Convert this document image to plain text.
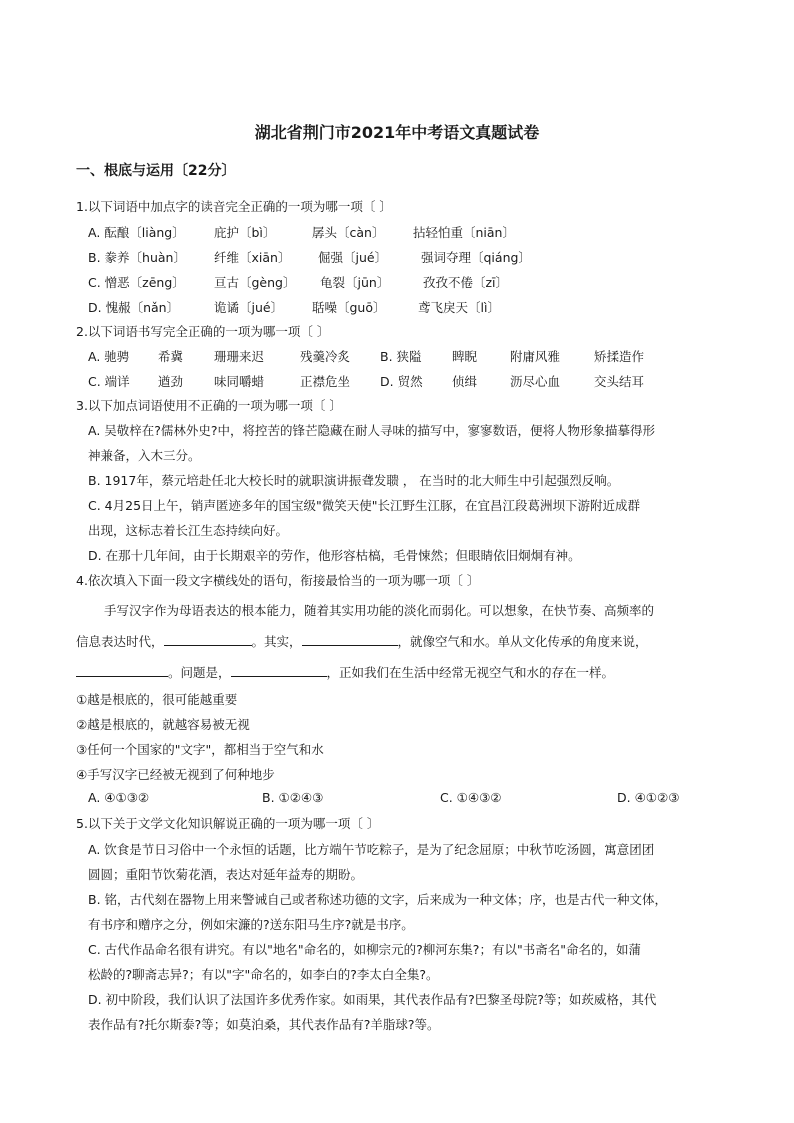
湖北省荆门市2021年中考语文真题试卷
一、根底与运用〔22分〕
1.以下词语中加点字的读音完全正确的一项为哪一项〔 〕
A. 酝酿〔liàng〕 庇护〔bì〕	孱头〔càn〕 拈轻怕重〔niān〕
B. 豢养〔huàn〕 纤维〔xiān〕 倔强〔jué〕	强词夺理〔qiáng〕
C. 憎恶〔zēng〕 亘古〔gèng〕 龟裂〔jūn〕	孜孜不倦〔zī〕
D. 愧赧〔nǎn〕	诡谲〔jué〕 聒噪〔guō〕	鸢飞戾天〔lì〕
2.以下词语书写完全正确的一项为哪一项〔 〕
A. 驰骋 希冀 珊珊来迟	残羹冷炙 B. 狭隘 睥睨	附庸风雅	矫揉造作
C. 端详 遒劲 味同嚼蜡	正襟危坐 D. 贸然 侦缉	沥尽心血	交头结耳
3.以下加点词语使用不正确的一项为哪一项〔 〕
A. 吴敬梓在?儒林外史?中，将控苦的锋芒隐藏在耐人寻味的描写中，寥寥数语，便将人物形象描摹得形
神兼备，入木三分。
B. 1917年，蔡元培赴任北大校长时的就职演讲振聋发聩 ， 在当时的北大师生中引起强烈反响。
C. 4月25日上午，销声匿迹多年的国宝级"微笑天使"长江野生江豚，在宜昌江段葛洲坝下游附近成群
出现，这标志着长江生态持续向好。
D. 在那十几年间，由于长期艰辛的劳作，他形容枯槁，毛骨悚然；但眼睛依旧炯炯有神。
4.依次填入下面一段文字横线处的语句，衔接最恰当的一项为哪一项〔 〕
手写汉字作为母语表达的根本能力，随着其实用功能的淡化而弱化。可以想象，在快节奏、高频率的
信息表达时代，	。其实，	，就像空气和水。单从文化传承的角度来说，
。问题是，	，正如我们在生活中经常无视空气和水的存在一样。
①越是根底的，很可能越重要
②越是根底的，就越容易被无视
③任何一个国家的"文字"，都相当于空气和水
④手写汉字已经被无视到了何种地步
A. ④①③②	B. ①②④③	C. ①④③②	D. ④①②③
5.以下关于文学文化知识解说正确的一项为哪一项〔 〕
A. 饮食是节日习俗中一个永恒的话题，比方端午节吃粽子，是为了纪念屈原；中秋节吃汤圆，寓意团团
圆圆；重阳节饮菊花酒，表达对延年益寿的期盼。
B. 铭，古代刻在器物上用来警诫自己或者称述功德的文字，后来成为一种文体；序，也是古代一种文体，
有书序和赠序之分，例如宋濂的?送东阳马生序?就是书序。
C. 古代作品命名很有讲究。有以"地名"命名的，如柳宗元的?柳河东集?；有以"书斋名"命名的，如蒲
松龄的?聊斋志异?；有以"字"命名的，如李白的?李太白全集?。
D. 初中阶段，我们认识了法国许多优秀作家。如雨果，其代表作品有?巴黎圣母院?等；如莰威格，其代
表作品有?托尔斯泰?等；如莫泊桑，其代表作品有?羊脂球?等。
